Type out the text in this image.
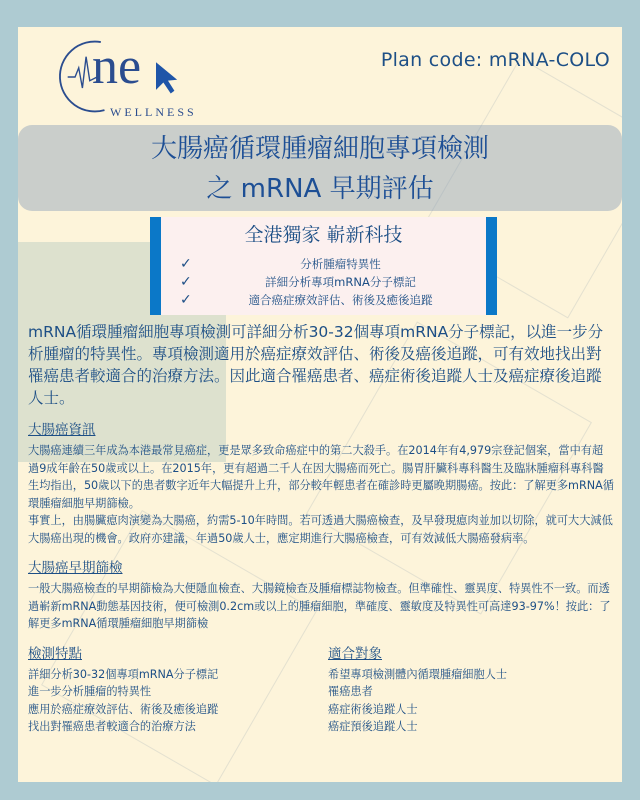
ne
WELLNESS
Plan code: mRNA-COLO
大腸癌循環腫瘤細胞專項檢測
之 mRNA 早期評估
全港獨家 嶄新科技
✓	分析腫瘤特異性
✓	詳細分析專項mRNA分子標記
✓	適合癌症療效評估、術後及癒後追蹤

mRNA循環腫瘤細胞專項檢測可詳細分析30-32個專項mRNA分子標記，以進一步分析腫瘤的特異性。專項檢測適用於癌症療效評估、術後及癌後追蹤，可有效地找出對罹癌患者較適合的治療方法。因此適合罹癌患者、癌症術後追蹤人士及癌症療後追蹤人士。

大腸癌資訊

大腸癌連續三年成為本港最常見癌症，更是眾多致命癌症中的第二大殺手。在2014年有4,979宗登記個案，當中有超過9成年齡在50歲或以上。在2015年，更有超過二千人在因大腸癌而死亡。腸胃肝臟科專科醫生及臨牀腫瘤科專科醫生均指出，50歲以下的患者數字近年大幅提升上升，部分較年輕患者在確診時更屬晚期腸癌。按此：了解更多mRNA循環腫瘤細胞早期篩檢。

事實上，由腸臟瘜肉演變為大腸癌，約需5-10年時間。若可透過大腸癌檢查，及早發現瘜肉並加以切除，就可大大減低大腸癌出現的機會。政府亦建議，年過50歲人士，應定期進行大腸癌檢查，可有效減低大腸癌發病率。

大腸癌早期篩檢

一般大腸癌檢查的早期篩檢為大便隱血檢查、大腸鏡檢查及腫瘤標誌物檢查。但準確性、靈異度、特異性不一致。而透過嶄新mRNA動態基因技術，便可檢測0.2cm或以上的腫瘤細胞，準確度、靈敏度及特異性可高達93-97%！按此：了解更多mRNA循環腫瘤細胞早期篩檢

檢測特點

詳細分析30-32個專項mRNA分子標記

進一步分析腫瘤的特異性

應用於癌症療效評估、術後及癒後追蹤

找出對罹癌患者較適合的治療方法

適合對象

希望專項檢測體內循環腫瘤細胞人士

罹癌患者

癌症術後追蹤人士

癌症預後追蹤人士
